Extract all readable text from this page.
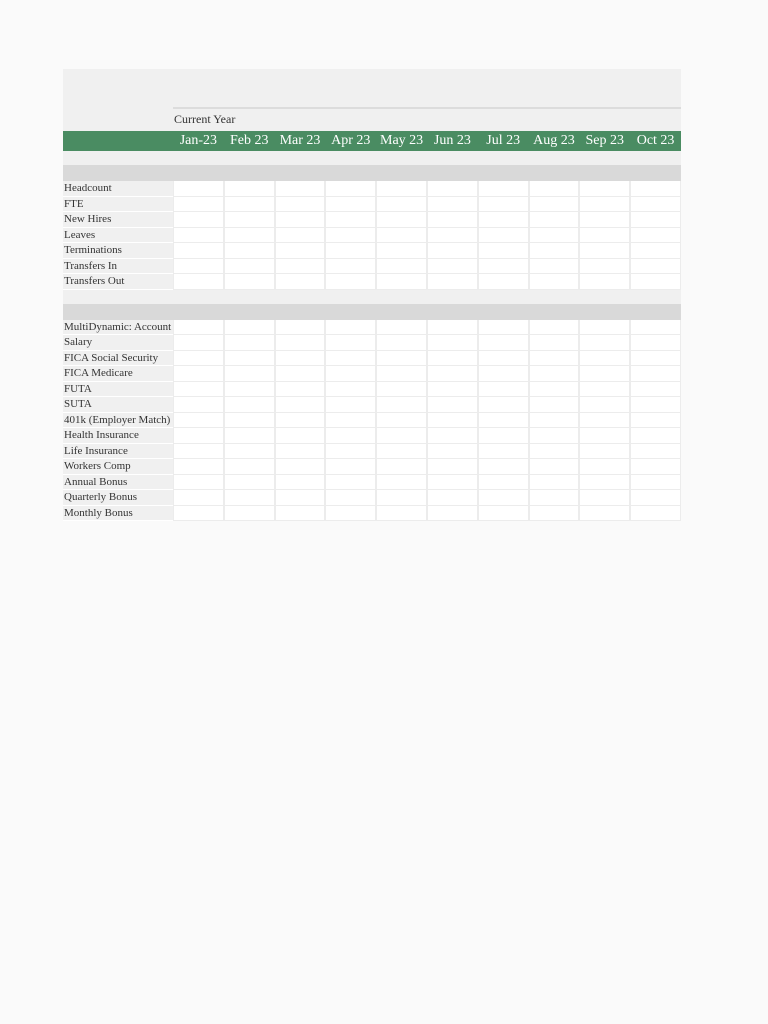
Current Year
Jan-23 Feb 23 Mar 23 Apr 23 May 23 Jun 23	Jul 23 Aug 23 Sep 23 Oct 23
Headcount
FTE
New Hires
Leaves
Terminations
Transfers In
Transfers Out
MultiDynamic: Account
Salary
FICA Social Security
FICA Medicare
FUTA
SUTA
401k (Employer Match)
Health Insurance
Life Insurance
Workers Comp
Annual Bonus
Quarterly Bonus
Monthly Bonus
